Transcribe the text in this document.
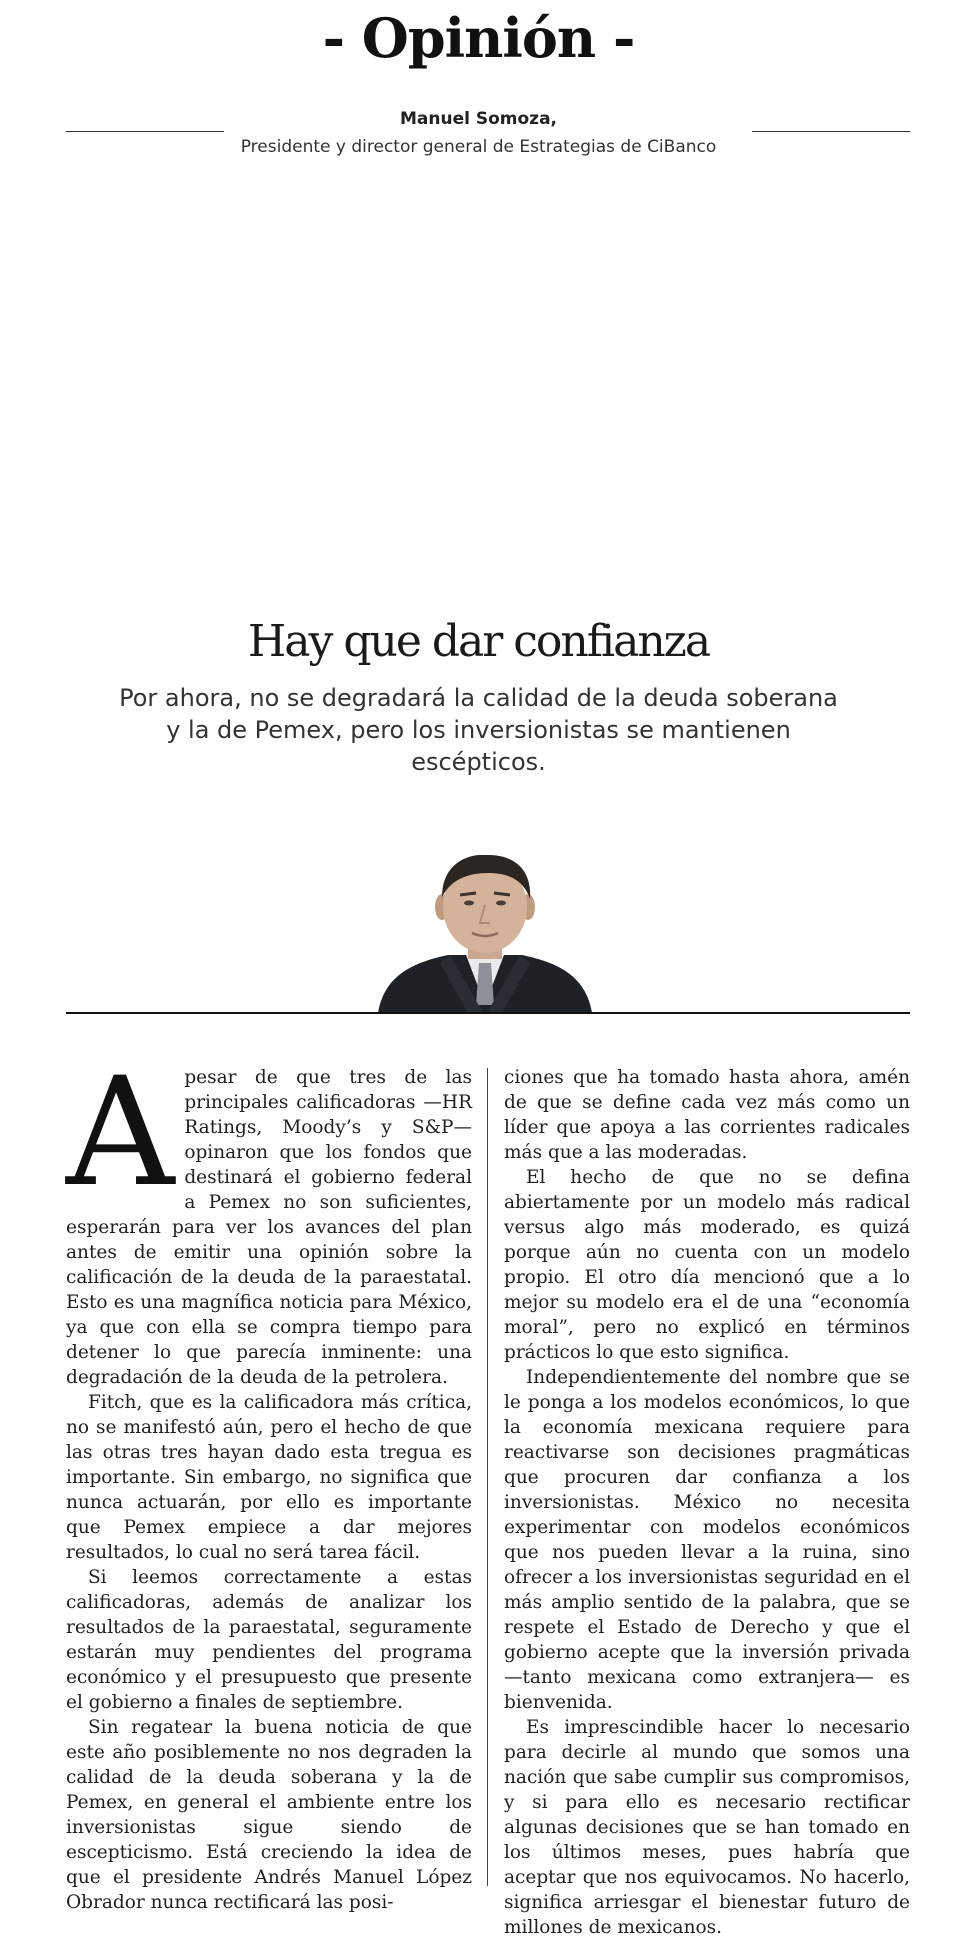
- Opinión -
Manuel Somoza,
Presidente y director general de Estrategias de CiBanco
Hay que dar confianza
Por ahora, no se degradará la calidad de la deuda soberana
y la de Pemex, pero los inversionistas se mantienen escépticos.
A pesar de que tres de las principales calificadoras —HR Ratings, Moody’s y S&P— opinaron que los fondos que destinará el gobierno federal a Pemex no son suficientes, esperarán para ver los avances del plan antes de emitir una opinión sobre la calificación de la deuda de la paraestatal. Esto es una magnífica noticia para México, ya que con ella se compra tiempo para detener lo que parecía inminente: una degradación de la deuda de la petrolera.

Fitch, que es la calificadora más crítica, no se manifestó aún, pero el hecho de que las otras tres hayan dado esta tregua es importante. Sin embargo, no significa que nunca actuarán, por ello es importante que Pemex empiece a dar mejores resultados, lo cual no será tarea fácil.

Si leemos correctamente a estas calificadoras, además de analizar los resultados de la paraestatal, seguramente estarán muy pendientes del programa económico y el presupuesto que presente el gobierno a finales de septiembre.

Sin regatear la buena noticia de que este año posiblemente no nos degraden la calidad de la deuda soberana y la de Pemex, en general el ambiente entre los inversionistas sigue siendo de escepticismo. Está creciendo la idea de que el presidente Andrés Manuel López Obrador nunca rectificará las posi-

ciones que ha tomado hasta ahora, amén de que se define cada vez más como un líder que apoya a las corrientes radicales más que a las moderadas.

El hecho de que no se defina abiertamente por un modelo más radical versus algo más moderado, es quizá porque aún no cuenta con un modelo propio. El otro día mencionó que a lo mejor su modelo era el de una “economía moral”, pero no explicó en términos prácticos lo que esto significa.

Independientemente del nombre que se le ponga a los modelos económicos, lo que la economía mexicana requiere para reactivarse son decisiones pragmáticas que procuren dar confianza a los inversionistas. México no necesita experimentar con modelos económicos que nos pueden llevar a la ruina, sino ofrecer a los inversionistas seguridad en el más amplio sentido de la palabra, que se respete el Estado de Derecho y que el gobierno acepte que la inversión privada —tanto mexicana como extranjera— es bienvenida.

Es imprescindible hacer lo necesario para decirle al mundo que somos una nación que sabe cumplir sus compromisos, y si para ello es necesario rectificar algunas decisiones que se han tomado en los últimos meses, pues habría que aceptar que nos equivocamos. No hacerlo, significa arriesgar el bienestar futuro de millones de mexicanos.
